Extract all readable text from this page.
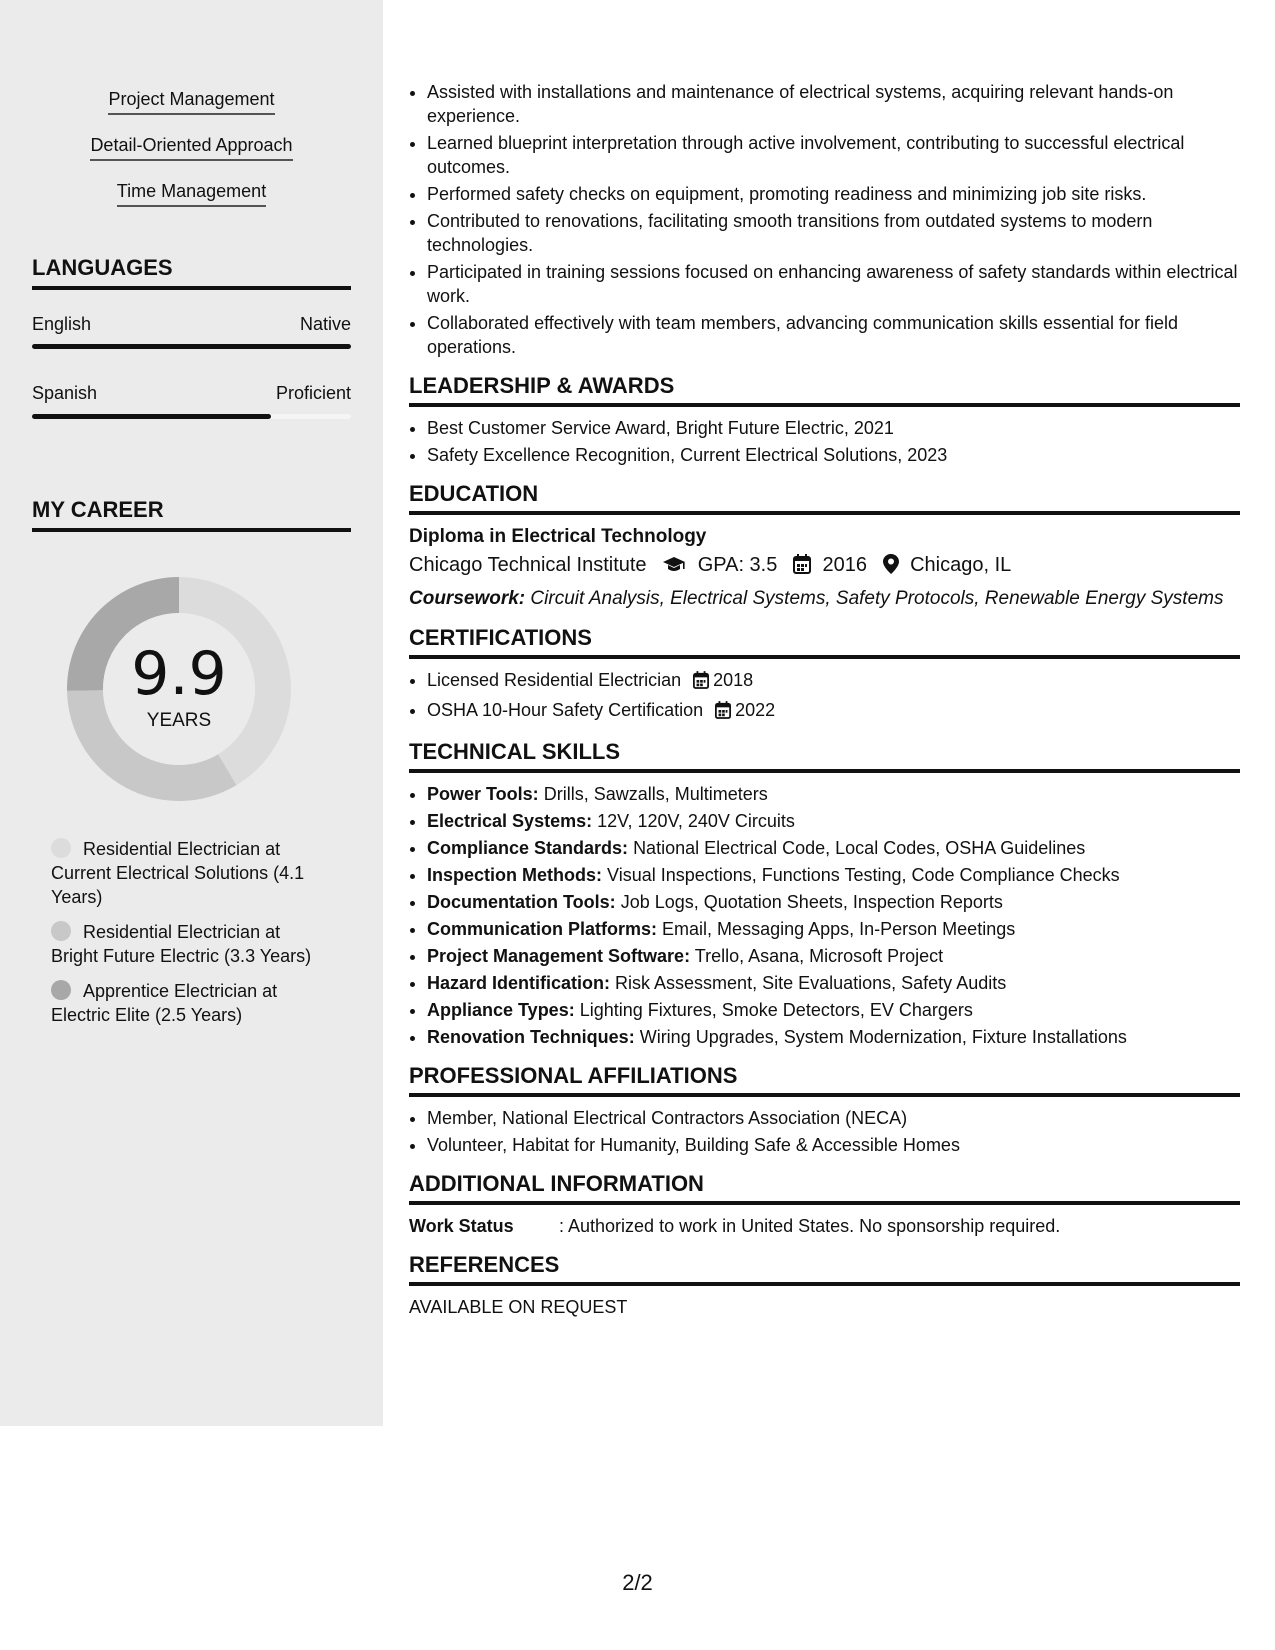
Project Management
Detail-Oriented Approach
Time Management
LANGUAGES
English	Native
Spanish	Proficient
MY CAREER
9.9
YEARS
Residential Electrician at Current Electrical Solutions (4.1 Years)
Residential Electrician at Bright Future Electric (3.3 Years)
Apprentice Electrician at Electric Elite (2.5 Years)
• Assisted with installations and maintenance of electrical systems, acquiring relevant hands-on experience.
• Learned blueprint interpretation through active involvement, contributing to successful electrical outcomes.
• Performed safety checks on equipment, promoting readiness and minimizing job site risks.
• Contributed to renovations, facilitating smooth transitions from outdated systems to modern technologies.
• Participated in training sessions focused on enhancing awareness of safety standards within electrical work.
• Collaborated effectively with team members, advancing communication skills essential for field operations.
LEADERSHIP & AWARDS
• Best Customer Service Award, Bright Future Electric, 2021
• Safety Excellence Recognition, Current Electrical Solutions, 2023
EDUCATION
Diploma in Electrical Technology
Chicago Technical Institute	GPA: 3.5 2016 Chicago, IL
Coursework: Circuit Analysis, Electrical Systems, Safety Protocols, Renewable Energy Systems
CERTIFICATIONS
• Licensed Residential Electrician 2018
• OSHA 10-Hour Safety Certification 2022
TECHNICAL SKILLS
• Power Tools: Drills, Sawzalls, Multimeters
• Electrical Systems: 12V, 120V, 240V Circuits
• Compliance Standards: National Electrical Code, Local Codes, OSHA Guidelines
• Inspection Methods: Visual Inspections, Functions Testing, Code Compliance Checks
• Documentation Tools: Job Logs, Quotation Sheets, Inspection Reports
• Communication Platforms: Email, Messaging Apps, In-Person Meetings
• Project Management Software: Trello, Asana, Microsoft Project
• Hazard Identification: Risk Assessment, Site Evaluations, Safety Audits
• Appliance Types: Lighting Fixtures, Smoke Detectors, EV Chargers
• Renovation Techniques: Wiring Upgrades, System Modernization, Fixture Installations
PROFESSIONAL AFFILIATIONS
• Member, National Electrical Contractors Association (NECA)
• Volunteer, Habitat for Humanity, Building Safe & Accessible Homes
ADDITIONAL INFORMATION
Work Status	: Authorized to work in United States. No sponsorship required.
REFERENCES
AVAILABLE ON REQUEST
2/2
